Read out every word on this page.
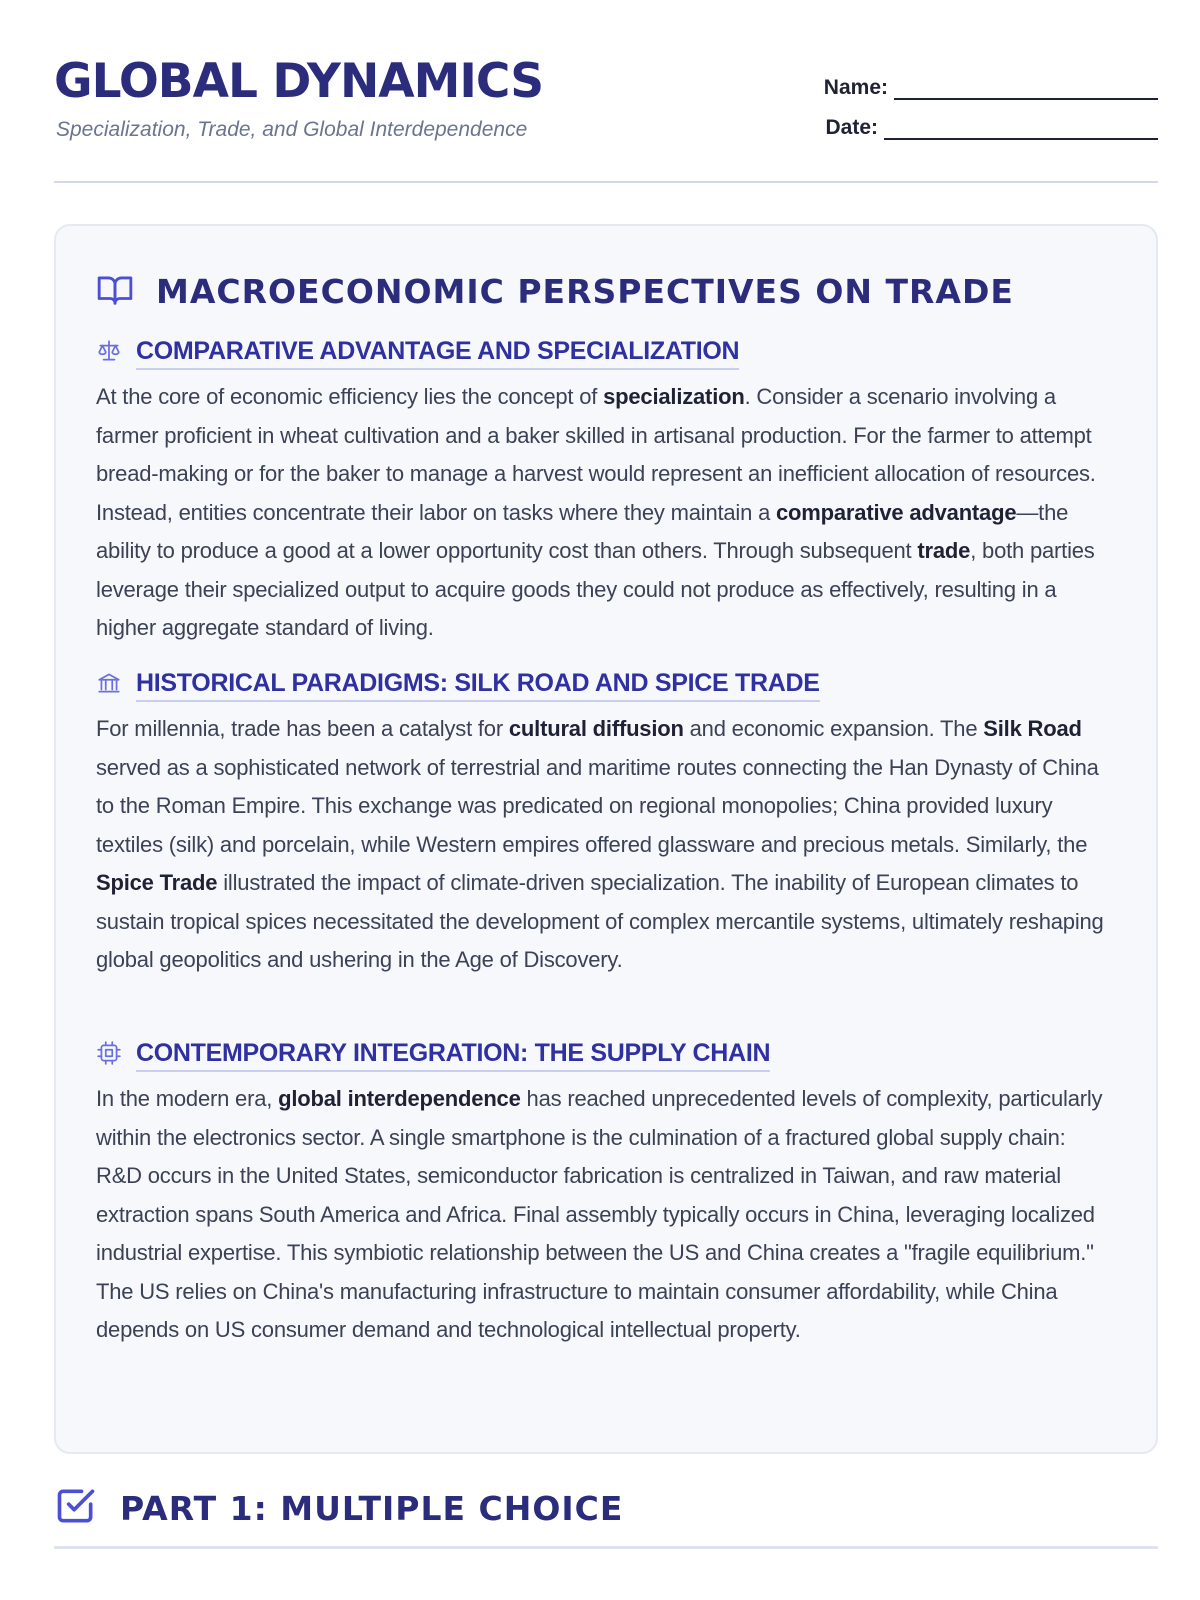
GLOBAL DYNAMICS
Specialization, Trade, and Global Interdependence
Name:
Date:
MACROECONOMIC PERSPECTIVES ON TRADE
COMPARATIVE ADVANTAGE AND SPECIALIZATION
At the core of economic efficiency lies the concept of specialization. Consider a scenario involving a farmer proficient in wheat cultivation and a baker skilled in artisanal production. For the farmer to attempt bread-making or for the baker to manage a harvest would represent an inefficient allocation of resources. Instead, entities concentrate their labor on tasks where they maintain a comparative advantage—the ability to produce a good at a lower opportunity cost than others. Through subsequent trade, both parties leverage their specialized output to acquire goods they could not produce as effectively, resulting in a higher aggregate standard of living.
HISTORICAL PARADIGMS: SILK ROAD AND SPICE TRADE
For millennia, trade has been a catalyst for cultural diffusion and economic expansion. The Silk Road served as a sophisticated network of terrestrial and maritime routes connecting the Han Dynasty of China to the Roman Empire. This exchange was predicated on regional monopolies; China provided luxury textiles (silk) and porcelain, while Western empires offered glassware and precious metals. Similarly, the Spice Trade illustrated the impact of climate-driven specialization. The inability of European climates to sustain tropical spices necessitated the development of complex mercantile systems, ultimately reshaping global geopolitics and ushering in the Age of Discovery.
CONTEMPORARY INTEGRATION: THE SUPPLY CHAIN
In the modern era, global interdependence has reached unprecedented levels of complexity, particularly within the electronics sector. A single smartphone is the culmination of a fractured global supply chain: R&D occurs in the United States, semiconductor fabrication is centralized in Taiwan, and raw material extraction spans South America and Africa. Final assembly typically occurs in China, leveraging localized industrial expertise. This symbiotic relationship between the US and China creates a "fragile equilibrium." The US relies on China's manufacturing infrastructure to maintain consumer affordability, while China depends on US consumer demand and technological intellectual property.
PART 1: MULTIPLE CHOICE
